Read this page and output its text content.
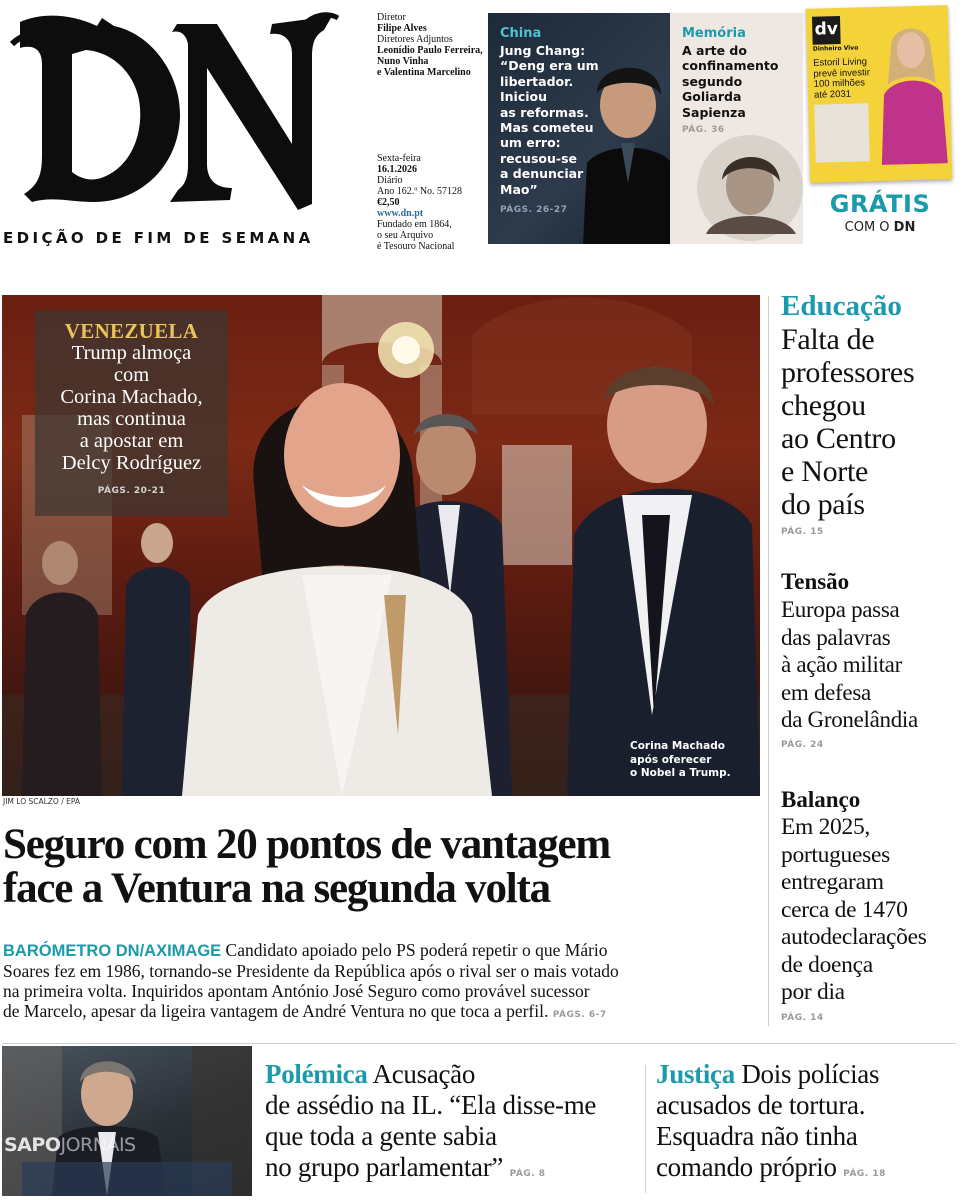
EDIÇÃO DE FIM DE SEMANA
Diretor
Filipe Alves
Diretores Adjuntos
Leonídio Paulo Ferreira,
Nuno Vinha
e Valentina Marcelino
Sexta-feira
16.1.2026
Diário
Ano 162.º No. 57128
€2,50
www.dn.pt
Fundado em 1864,
o seu Arquivo
é Tesouro Nacional
China
Jung Chang:
“Deng era um
libertador.
Iniciou
as reformas.
Mas cometeu
um erro:
recusou-se
a denunciar
Mao”
PÁGS. 26-27
Memória
A arte do
confinamento
segundo
Goliarda
Sapienza
PÁG. 36
dv
Dinheiro Vivo
Estoril Living
prevê investir
100 milhões
até 2031
GRÁTIS
COM O DN
Corina Machado
após oferecer
o Nobel a Trump.
VENEZUELA
Trump almoça
com
Corina Machado,
mas continua
a apostar em
Delcy Rodríguez
PÁGS. 20-21
JIM LO SCALZO / EPA
Seguro com 20 pontos de vantagem
face a Ventura na segunda volta
BARÓMETRO DN/AXIMAGE Candidato apoiado pelo PS poderá repetir o que Mário
Soares fez em 1986, tornando-se Presidente da República após o rival ser o mais votado
na primeira volta. Inquiridos apontam António José Seguro como provável sucessor
de Marcelo, apesar da ligeira vantagem de André Ventura no que toca a perfil. PÁGS. 6-7
Educação
Falta de
professores
chegou
ao Centro
e Norte
do país
PÁG. 15
Tensão
Europa passa
das palavras
à ação militar
em defesa
da Gronelândia
PÁG. 24
Balanço
Em 2025,
portugueses
entregaram
cerca de 1470
autodeclarações
de doença
por dia
PÁG. 14
SAPOJORNAIS
Polémica Acusação
de assédio na IL. “Ela disse-me
que toda a gente sabia
no grupo parlamentar” PÁG. 8
Justiça Dois polícias
acusados de tortura.
Esquadra não tinha
comando próprio PÁG. 18
